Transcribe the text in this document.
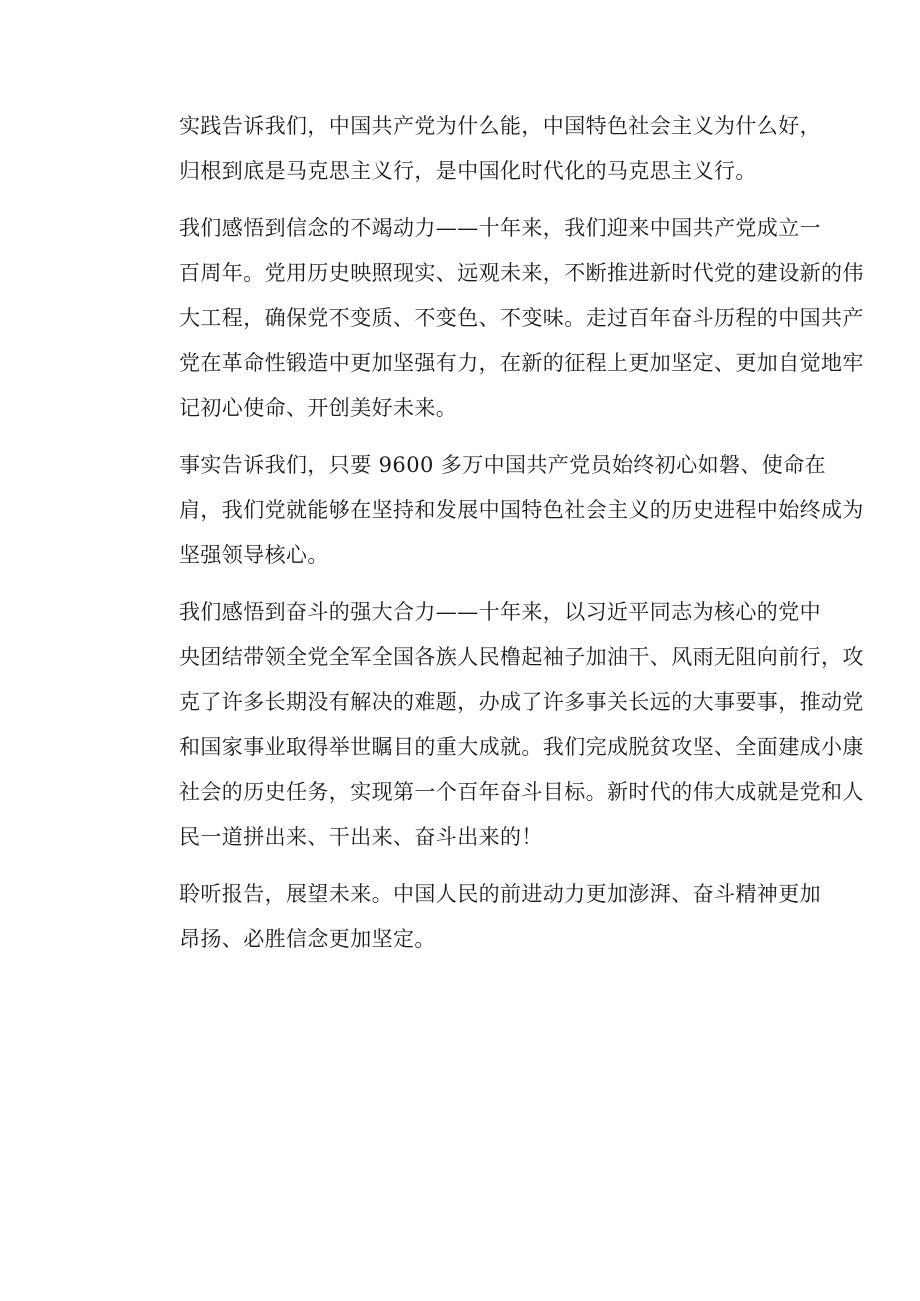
实践告诉我们，中国共产党为什么能，中国特色社会主义为什么好，
归根到底是马克思主义行，是中国化时代化的马克思主义行。

我们感悟到信念的不竭动力——十年来，我们迎来中国共产党成立一
百周年。党用历史映照现实、远观未来，不断推进新时代党的建设新的伟
大工程，确保党不变质、不变色、不变味。走过百年奋斗历程的中国共产
党在革命性锻造中更加坚强有力，在新的征程上更加坚定、更加自觉地牢
记初心使命、开创美好未来。

事实告诉我们，只要 9600 多万中国共产党员始终初心如磐、使命在
肩，我们党就能够在坚持和发展中国特色社会主义的历史进程中始终成为
坚强领导核心。

我们感悟到奋斗的强大合力——十年来，以习近平同志为核心的党中
央团结带领全党全军全国各族人民橹起袖子加油干、风雨无阻向前行，攻
克了许多长期没有解决的难题，办成了许多事关长远的大事要事，推动党
和国家事业取得举世瞩目的重大成就。我们完成脱贫攻坚、全面建成小康
社会的历史任务，实现第一个百年奋斗目标。新时代的伟大成就是党和人
民一道拼出来、干出来、奋斗出来的！

聆听报告，展望未来。中国人民的前进动力更加澎湃、奋斗精神更加
昂扬、必胜信念更加坚定。
